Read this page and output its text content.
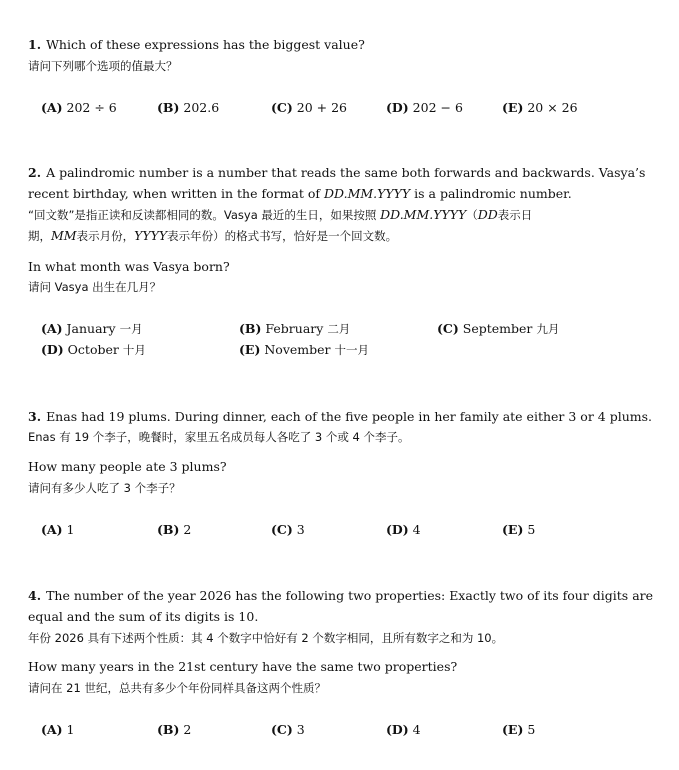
1. Which of these expressions has the biggest value?
请问下列哪个选项的值最大？
(A) 202 ÷ 6	(B) 202.6	(C) 20 + 26	(D) 202 − 6	(E) 20 × 26
2. A palindromic number is a number that reads the same both forwards and backwards. Vasya’s
recent birthday, when written in the format of DD.MM.YYYY is a palindromic number.
“回文数”是指正读和反读都相同的数。Vasya 最近的生日，如果按照 DD.MM.YYYY（DD表示日
期，MM表示月份，YYYY表示年份）的格式书写，恰好是一个回文数。
In what month was Vasya born?
请问 Vasya 出生在几月？
(A) January 一月	(B) February 二月	(C) September 九月
(D) October 十月	(E) November 十一月
3. Enas had 19 plums. During dinner, each of the five people in her family ate either 3 or 4 plums.
Enas 有 19 个李子，晚餐时，家里五名成员每人各吃了 3 个或 4 个李子。
How many people ate 3 plums?
请问有多少人吃了 3 个李子？
(A) 1	(B) 2	(C) 3	(D) 4	(E) 5
4. The number of the year 2026 has the following two properties: Exactly two of its four digits are
equal and the sum of its digits is 10.
年份 2026 具有下述两个性质：其 4 个数字中恰好有 2 个数字相同，且所有数字之和为 10。
How many years in the 21st century have the same two properties?
请问在 21 世纪，总共有多少个年份同样具备这两个性质？
(A) 1	(B) 2	(C) 3	(D) 4	(E) 5
